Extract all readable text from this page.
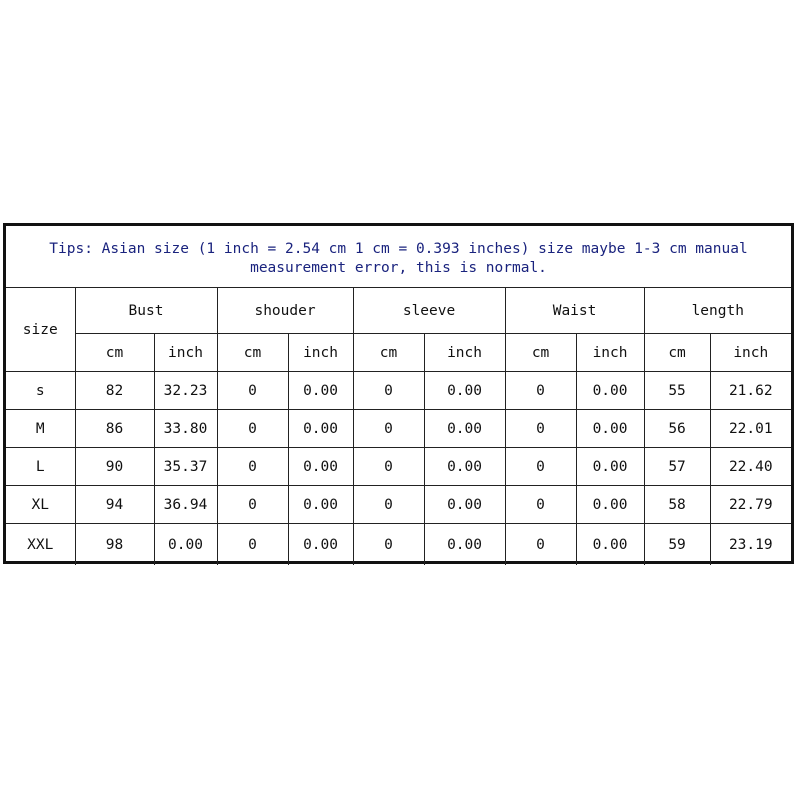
Tips: Asian size (1 inch = 2.54 cm 1 cm = 0.393 inches) size maybe 1-3 cm manual
measurement error, this is normal.
size	Bust		shouder		sleeve		Waist		length	
	cm	inch	cm	inch	cm	inch	cm	inch	cm	inch
s	82	32.23	0	0.00	0	0.00	0	0.00	55	21.62
M	86	33.80	0	0.00	0	0.00	0	0.00	56	22.01
L	90	35.37	0	0.00	0	0.00	0	0.00	57	22.40
XL	94	36.94	0	0.00	0	0.00	0	0.00	58	22.79
XXL	98	0.00	0	0.00	0	0.00	0	0.00	59	23.19
